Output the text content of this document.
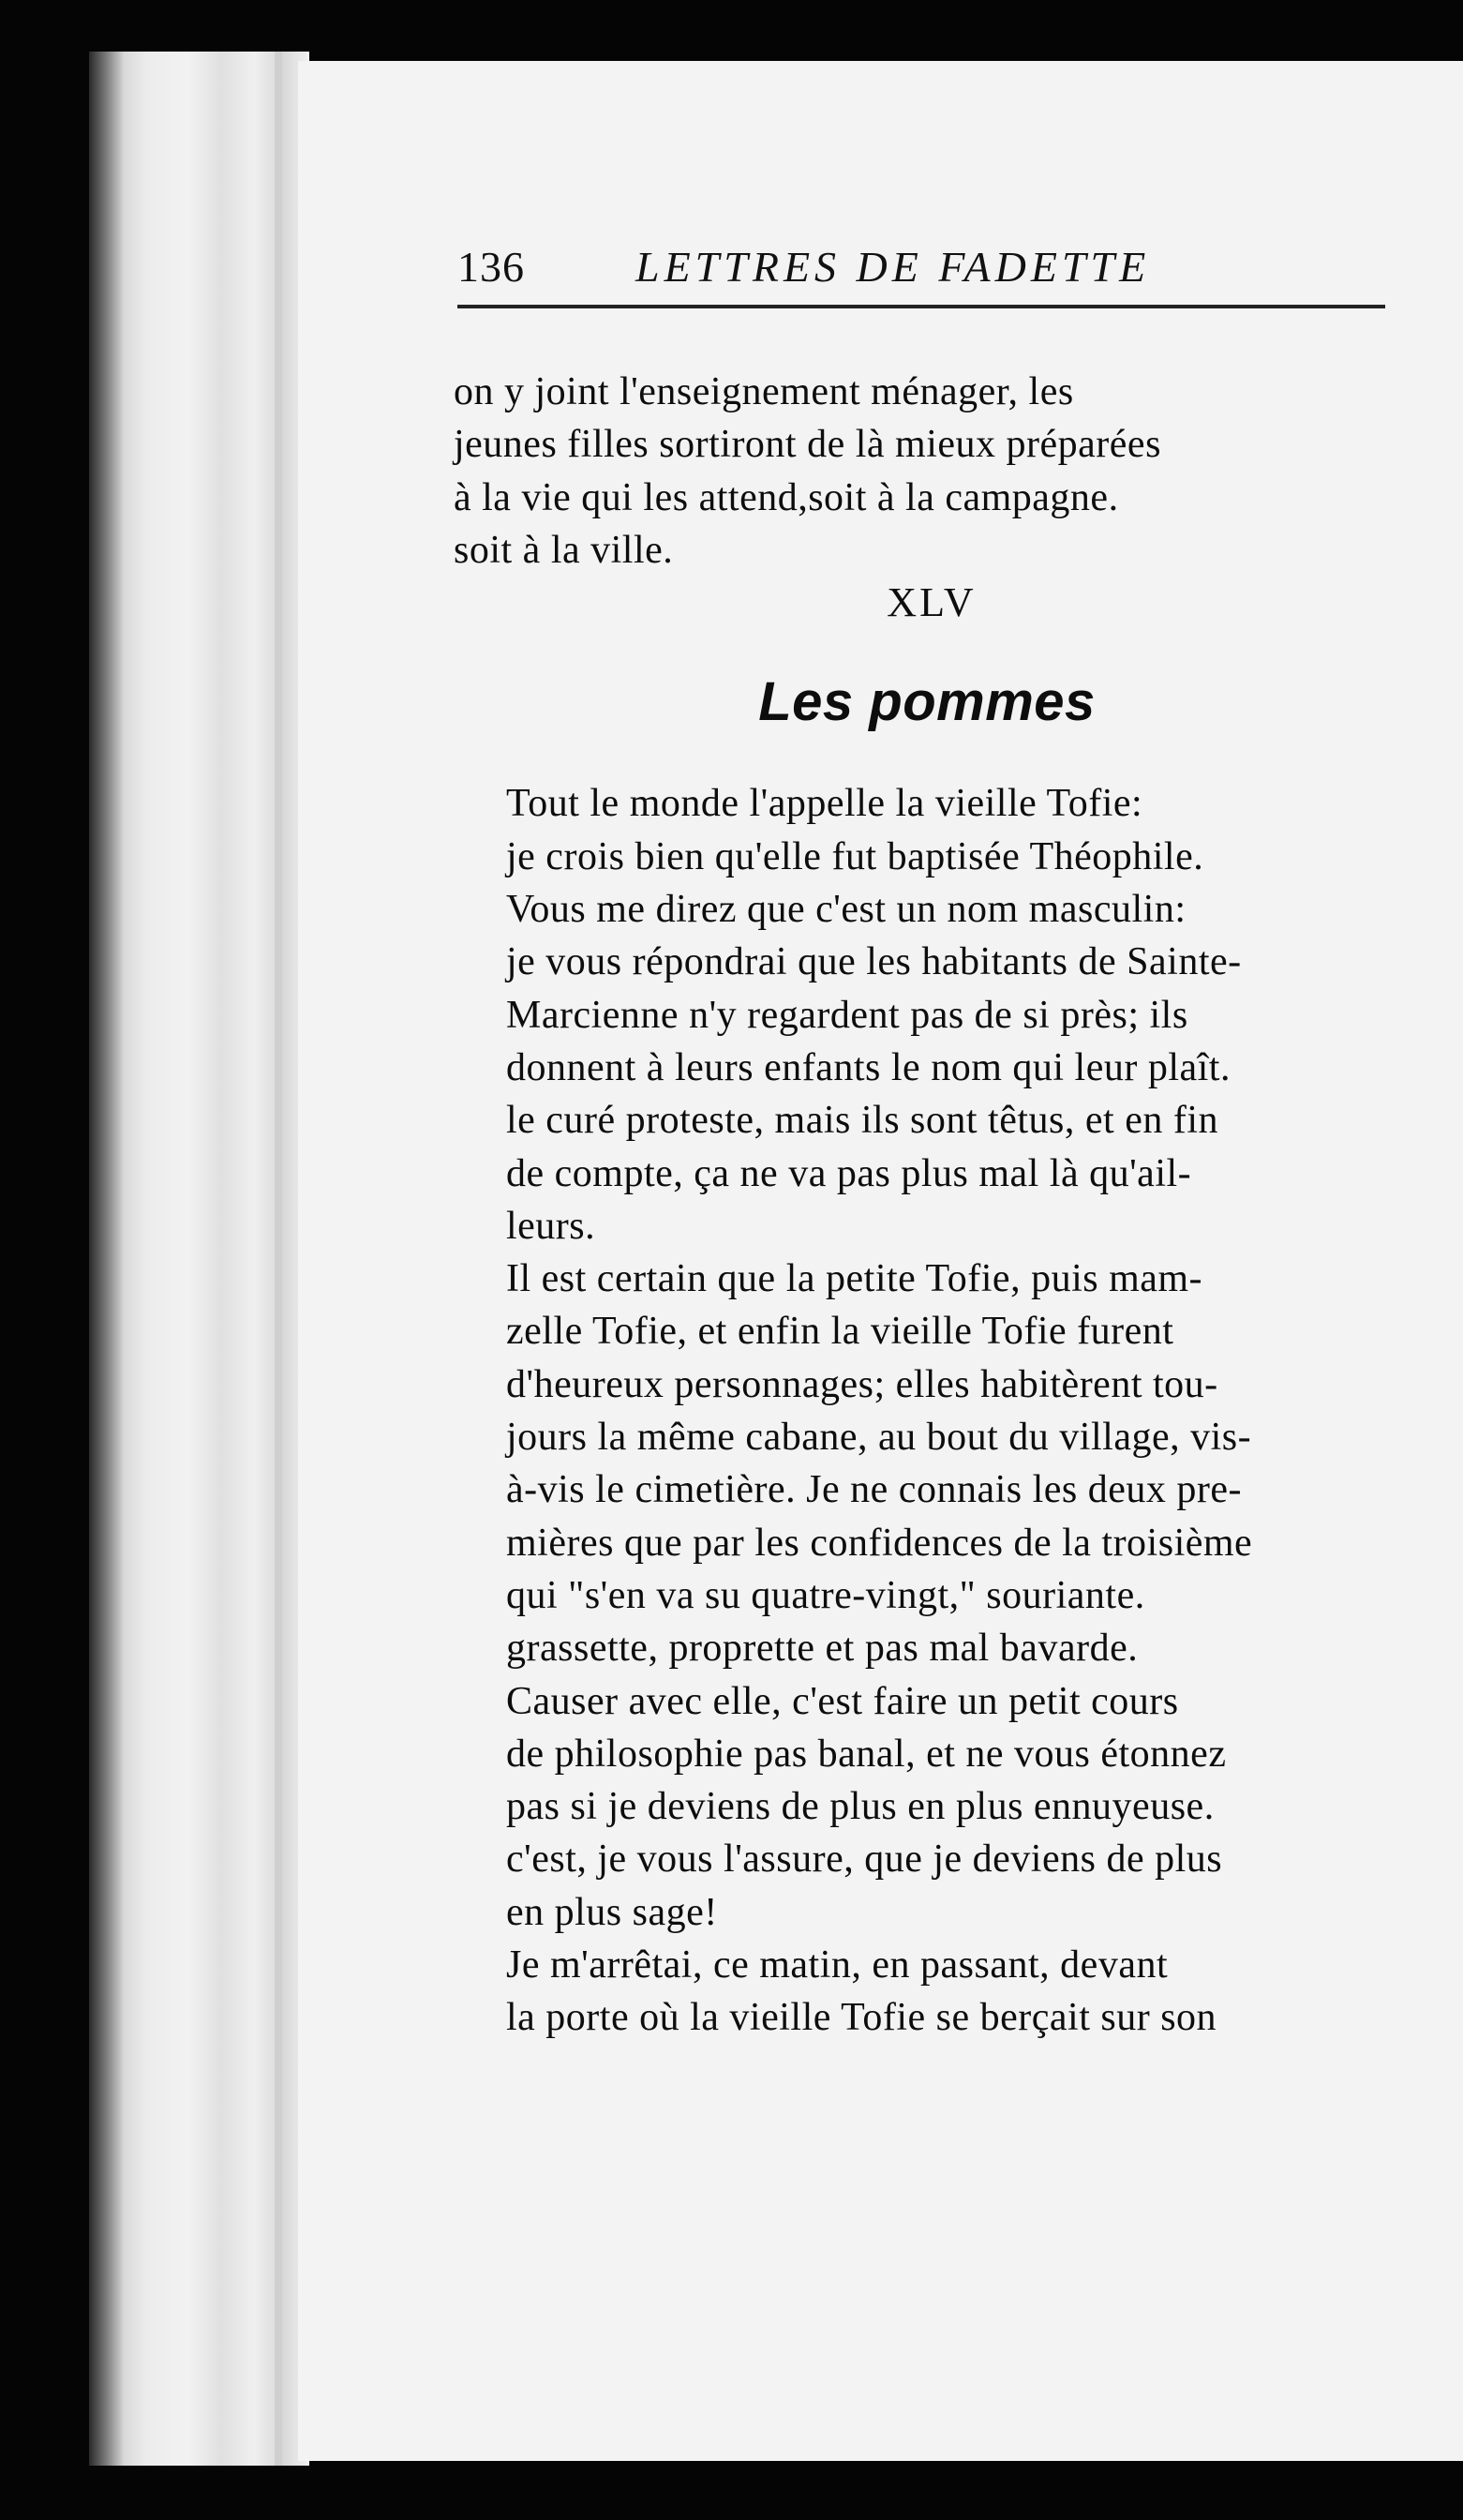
136	LETTRES DE FADETTE

on y joint l'enseignement ménager, les
jeunes filles sortiront de là mieux préparées
à la vie qui les attend,soit à la campagne.
soit à la ville.

XLV

Les pommes

Tout le monde l'appelle la vieille Tofie:
je crois bien qu'elle fut baptisée Théophile.
Vous me direz que c'est un nom masculin:
je vous répondrai que les habitants de Sainte-
Marcienne n'y regardent pas de si près; ils
donnent à leurs enfants le nom qui leur plaît.
le curé proteste, mais ils sont têtus, et en fin
de compte, ça ne va pas plus mal là qu'ail-
leurs.

Il est certain que la petite Tofie, puis mam-
zelle Tofie, et enfin la vieille Tofie furent
d'heureux personnages; elles habitèrent tou-
jours la même cabane, au bout du village, vis-
à-vis le cimetière. Je ne connais les deux pre-
mières que par les confidences de la troisième
qui "s'en va su quatre-vingt," souriante.
grassette, proprette et pas mal bavarde.

Causer avec elle, c'est faire un petit cours
de philosophie pas banal, et ne vous étonnez
pas si je deviens de plus en plus ennuyeuse.
c'est, je vous l'assure, que je deviens de plus
en plus sage!

Je m'arrêtai, ce matin, en passant, devant
la porte où la vieille Tofie se berçait sur son
